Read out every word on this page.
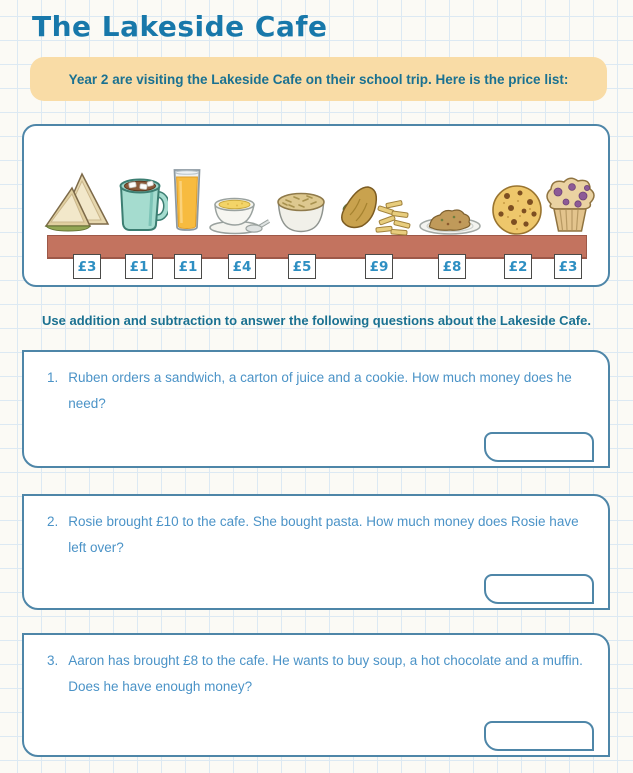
The Lakeside Cafe
Year 2 are visiting the Lakeside Cafe on their school trip. Here is the price list:
£3	£1	£1	£4	£5	£9	£8	£2	£3

Use addition and subtraction to answer the following questions about the Lakeside Cafe.

1. Ruben orders a sandwich, a carton of juice and a cookie. How much money does he need?
2. Rosie brought £10 to the cafe. She bought pasta. How much money does Rosie have left over?
3. Aaron has brought £8 to the cafe. He wants to buy soup, a hot chocolate and a muffin. Does he have enough money?
